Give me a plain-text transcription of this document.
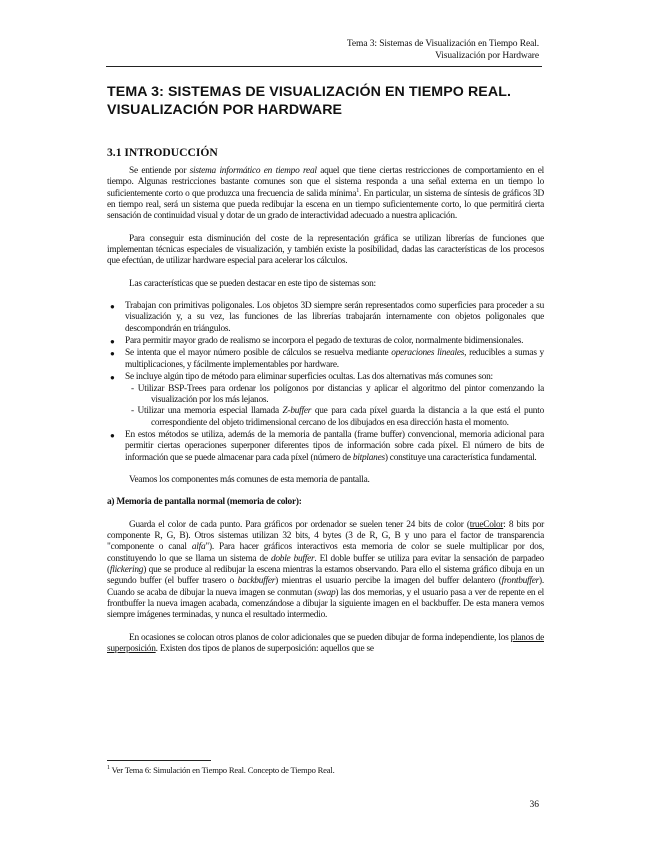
Tema 3: Sistemas de Visualización en Tiempo Real.
Visualización por Hardware
TEMA 3: SISTEMAS DE VISUALIZACIÓN EN TIEMPO REAL.
VISUALIZACIÓN POR HARDWARE
3.1 INTRODUCCIÓN

Se entiende por sistema informático en tiempo real aquel que tiene ciertas restricciones de comportamiento en el tiempo. Algunas restricciones bastante comunes son que el sistema responda a una señal externa en un tiempo lo suficientemente corto o que produzca una frecuencia de salida mínima$^1$. En particular, un sistema de síntesis de gráficos 3D en tiempo real, será un sistema que pueda redibujar la escena en un tiempo suficientemente corto, lo que permitirá cierta sensación de continuidad visual y dotar de un grado de interactividad adecuado a nuestra aplicación.

Para conseguir esta disminución del coste de la representación gráfica se utilizan librerías de funciones que implementan técnicas especiales de visualización, y también existe la posibilidad, dadas las características de los procesos que efectúan, de utilizar hardware especial para acelerar los cálculos.

Las características que se pueden destacar en este tipo de sistemas son:

● Trabajan con primitivas poligonales. Los objetos 3D siempre serán representados como superficies para proceder a su visualización y, a su vez, las funciones de las librerías trabajarán internamente con objetos poligonales que descompondrán en triángulos.
● Para permitir mayor grado de realismo se incorpora el pegado de texturas de color, normalmente bidimensionales.
● Se intenta que el mayor número posible de cálculos se resuelva mediante operaciones lineales, reducibles a sumas y multiplicaciones, y fácilmente implementables por hardware.
● Se incluye algún tipo de método para eliminar superficies ocultas. Las dos alternativas más comunes son:
- Utilizar BSP-Trees para ordenar los polígonos por distancias y aplicar el algoritmo del pintor comenzando la visualización por los más lejanos.
- Utilizar una memoria especial llamada Z-buffer que para cada píxel guarda la distancia a la que está el punto correspondiente del objeto tridimensional cercano de los dibujados en esa dirección hasta el momento.
● En estos métodos se utiliza, además de la memoria de pantalla (frame buffer) convencional, memoria adicional para permitir ciertas operaciones superponer diferentes tipos de información sobre cada píxel. El número de bits de información que se puede almacenar para cada píxel (número de bitplanes) constituye una característica fundamental.

Veamos los componentes más comunes de esta memoria de pantalla.

a) Memoria de pantalla normal (memoria de color):

Guarda el color de cada punto. Para gráficos por ordenador se suelen tener 24 bits de color (trueColor: 8 bits por componente R, G, B). Otros sistemas utilizan 32 bits, 4 bytes (3 de R, G, B y uno para el factor de transparencia "componente o canal alfa"). Para hacer gráficos interactivos esta memoria de color se suele multiplicar por dos, constituyendo lo que se llama un sistema de doble buffer. El doble buffer se utiliza para evitar la sensación de parpadeo (flickering) que se produce al redibujar la escena mientras la estamos observando. Para ello el sistema gráfico dibuja en un segundo buffer (el buffer trasero o backbuffer) mientras el usuario percibe la imagen del buffer delantero (frontbuffer). Cuando se acaba de dibujar la nueva imagen se conmutan (swap) las dos memorias, y el usuario pasa a ver de repente en el frontbuffer la nueva imagen acabada, comenzándose a dibujar la siguiente imagen en el backbuffer. De esta manera vemos siempre imágenes terminadas, y nunca el resultado intermedio.

En ocasiones se colocan otros planos de color adicionales que se pueden dibujar de forma independiente, los planos de superposición. Existen dos tipos de planos de superposición: aquellos que se

$^1$ Ver Tema 6: Simulación en Tiempo Real. Concepto de Tiempo Real.
36
